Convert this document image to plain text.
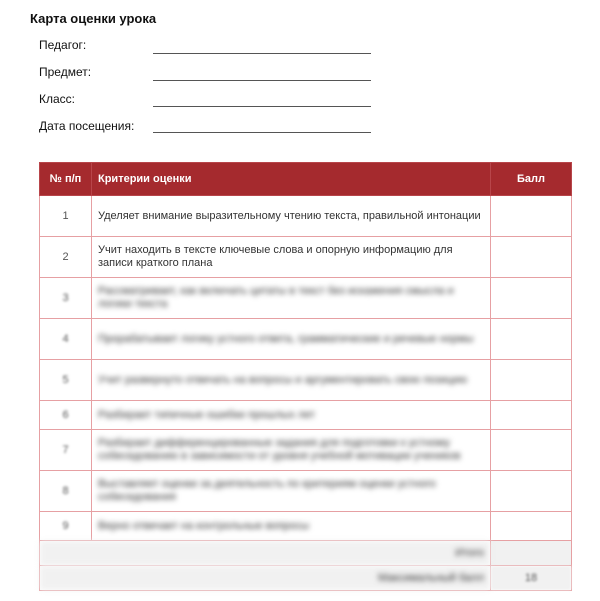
Карта оценки урока
Педагог:
Предмет:
Класс:
Дата посещения:
№ п/п	Критерии оценки	Балл
1	Уделяет внимание выразительному чтению текста, правильной интонации	
2	Учит находить в тексте ключевые слова и опорную информацию для записи краткого плана	
3	Рассматривает, как включать цитаты в текст без искажения смысла и логики текста	
4	Прорабатывает логику устного ответа, грамматические и речевые нормы	
5	Учит развернуто отвечать на вопросы и аргументировать свою позицию	
6	Разбирает типичные ошибки прошлых лет	
7	Разбирает дифференцированные задания для подготовки к устному собеседованию в зависимости от уровня учебной мотивации учеников	
8	Выставляет оценки за деятельность по критериям оценки устного собеседования	
9	Верно отвечает на контрольные вопросы	
Итого		
Максимальный балл		18
